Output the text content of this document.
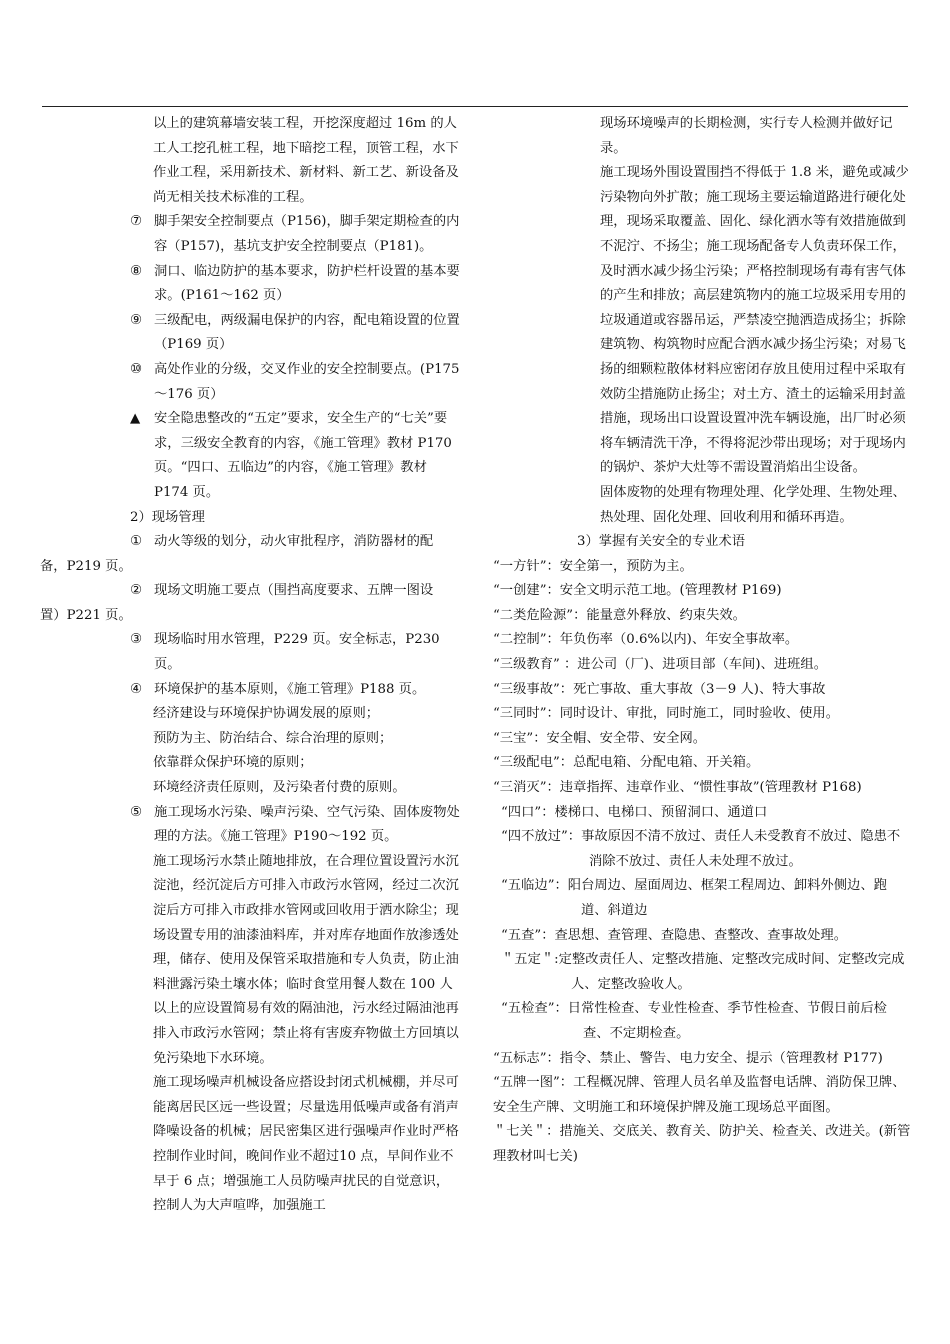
以上的建筑幕墙安装工程，开挖深度超过 16m 的人工人工挖孔桩工程，地下暗挖工程，顶管工程，水下作业工程，采用新技术、新材料、新工艺、新设备及尚无相关技术标准的工程。

⑦ 脚手架安全控制要点（P156)，脚手架定期检查的内容（P157)，基坑支护安全控制要点（P181)。
⑧ 洞口、临边防护的基本要求，防护栏杆设置的基本要求。(P161～162 页）
⑨ 三级配电，两级漏电保护的内容，配电箱设置的位置（P169 页）
⑩ 高处作业的分级，交叉作业的安全控制要点。(P175～176 页）
▲	安全隐患整改的“五定”要求，安全生产的“七关”要求，三级安全教育的内容，《施工管理》教材 P170 页。“四口、五临边”的内容，《施工管理》教材 P174 页。

2）现场管理

① 动火等级的划分，动火审批程序，消防器材的配

备，P219 页。

② 现场文明施工要点（围挡高度要求、五牌一图设

置）P221 页。

③ 现场临时用水管理，P229 页。安全标志，P230 页。
④ 环境保护的基本原则，《施工管理》P188 页。

经济建设与环境保护协调发展的原则；

预防为主、防治结合、综合治理的原则；

依靠群众保护环境的原则；

环境经济责任原则，及污染者付费的原则。

⑤ 施工现场水污染、噪声污染、空气污染、固体废物处理的方法。《施工管理》P190～192 页。

施工现场污水禁止随地排放，在合理位置设置污水沉淀池，经沉淀后方可排入市政污水管网，经过二次沉淀后方可排入市政排水管网或回收用于洒水除尘；现场设置专用的油漆油料库，并对库存地面作放渗透处理，储存、使用及保管采取措施和专人负责，防止油料泄露污染土壤水体；临时食堂用餐人数在 100 人以上的应设置简易有效的隔油池，污水经过隔油池再排入市政污水管网；禁止将有害废弃物做土方回填以免污染地下水环境。

施工现场噪声机械设备应搭设封闭式机械棚，并尽可能离居民区远一些设置；尽量选用低噪声或备有消声降噪设备的机械；居民密集区进行强噪声作业时严格控制作业时间，晚间作业不超过10 点，早间作业不早于 6 点；增强施工人员防噪声扰民的自觉意识，控制人为大声喧哗，加强施工

现场环境噪声的长期检测，实行专人检测并做好记录。

施工现场外围设置围挡不得低于 1.8 米，避免或减少污染物向外扩散；施工现场主要运输道路进行硬化处理，现场采取覆盖、固化、绿化洒水等有效措施做到不泥泞、不扬尘；施工现场配备专人负责环保工作，及时洒水减少扬尘污染；严格控制现场有毒有害气体的产生和排放；高层建筑物内的施工垃圾采用专用的垃圾通道或容器吊运，严禁凌空抛洒造成扬尘；拆除建筑物、构筑物时应配合洒水减少扬尘污染；对易飞扬的细颗粒散体材料应密闭存放且使用过程中采取有效防尘措施防止扬尘；对土方、渣土的运输采用封盖措施，现场出口设置设置冲洗车辆设施，出厂时必须将车辆清洗干净，不得将泥沙带出现场；对于现场内的锅炉、茶炉大灶等不需设置消焰出尘设备。

固体废物的处理有物理处理、化学处理、生物处理、热处理、固化处理、回收利用和循环再造。

3）掌握有关安全的专业术语

“一方针”：安全第一，预防为主。

“一创建”：安全文明示范工地。(管理教材 P169)

“二类危险源”：能量意外释放、约束失效。

“二控制”：年负伤率（0.6%以内)、年安全事故率。

“三级教育” ：进公司（厂)、进项目部（车间)、进班组。

“三级事故”：死亡事故、重大事故（3－9 人)、特大事故

“三同时”：同时设计、审批，同时施工，同时验收、使用。

“三宝”：安全帽、安全带、安全网。

“三级配电”：总配电箱、分配电箱、开关箱。

“三消灭”：违章指挥、违章作业、“惯性事故”(管理教材 P168)

“四口”：楼梯口、电梯口、预留洞口、通道口

“四不放过”：事故原因不清不放过、责任人未受教育不放过、隐患不消除不放过、责任人未处理不放过。

“五临边”：阳台周边、屋面周边、框架工程周边、卸料外侧边、跑道、斜道边

“五查”：查思想、查管理、查隐患、查整改、查事故处理。

＂五定＂:定整改责任人、定整改措施、定整改完成时间、定整改完成人、定整改验收人。

“五检查”：日常性检查、专业性检查、季节性检查、节假日前后检查、不定期检查。

“五标志”：指令、禁止、警告、电力安全、提示（管理教材 P177)

“五牌一图”：工程概况牌、管理人员名单及监督电话牌、消防保卫牌、安全生产牌、文明施工和环境保护牌及施工现场总平面图。

＂七关＂：措施关、交底关、教育关、防护关、检查关、改进关。(新管理教材叫七关)
